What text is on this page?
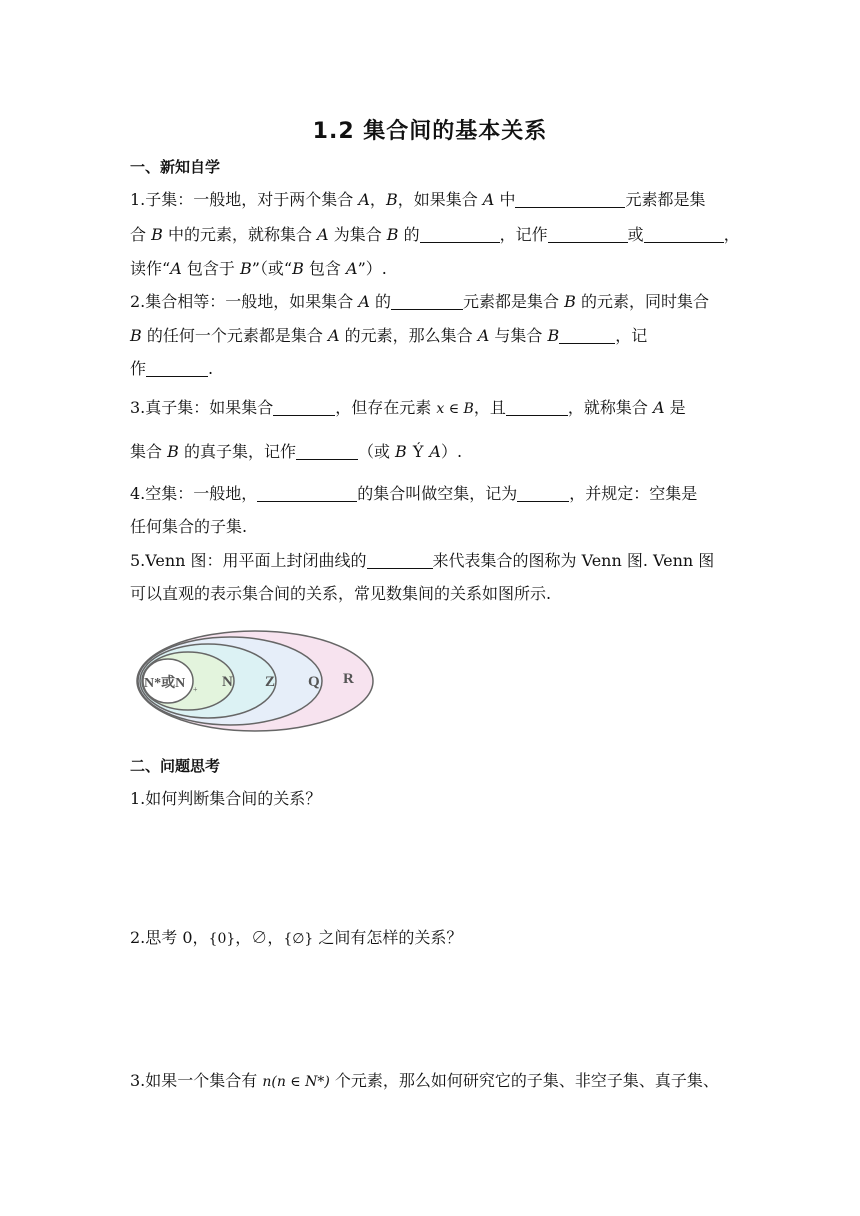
1.2 集合间的基本关系
一、新知自学
1.子集：一般地，对于两个集合 A，B，如果集合 A 中	元素都是集
合 B 中的元素，就称集合 A 为集合 B 的	，记作	或	，
读作“A 包含于 B”（或“B 包含 A”）.
2.集合相等：一般地，如果集合 A 的	元素都是集合 B 的元素，同时集合
B 的任何一个元素都是集合 A 的元素，那么集合 A 与集合 B	，记
作	.
3.真子集：如果集合	，但存在元素 x ∈ B，且	，就称集合 A 是
集合 B 的真子集，记作	（或 B Ý A）.
4.空集：一般地，	的集合叫做空集，记为	，并规定：空集是
任何集合的子集.
5.Venn 图：用平面上封闭曲线的	来代表集合的图称为 Venn 图. Venn 图
可以直观的表示集合间的关系，常见数集间的关系如图所示.
N*或N + N Z Q R
二、问题思考
1.如何判断集合间的关系？
2.思考 0，{0}，∅，{∅} 之间有怎样的关系？
3.如果一个集合有 n(n ∈ N*) 个元素，那么如何研究它的子集、非空子集、真子集、
